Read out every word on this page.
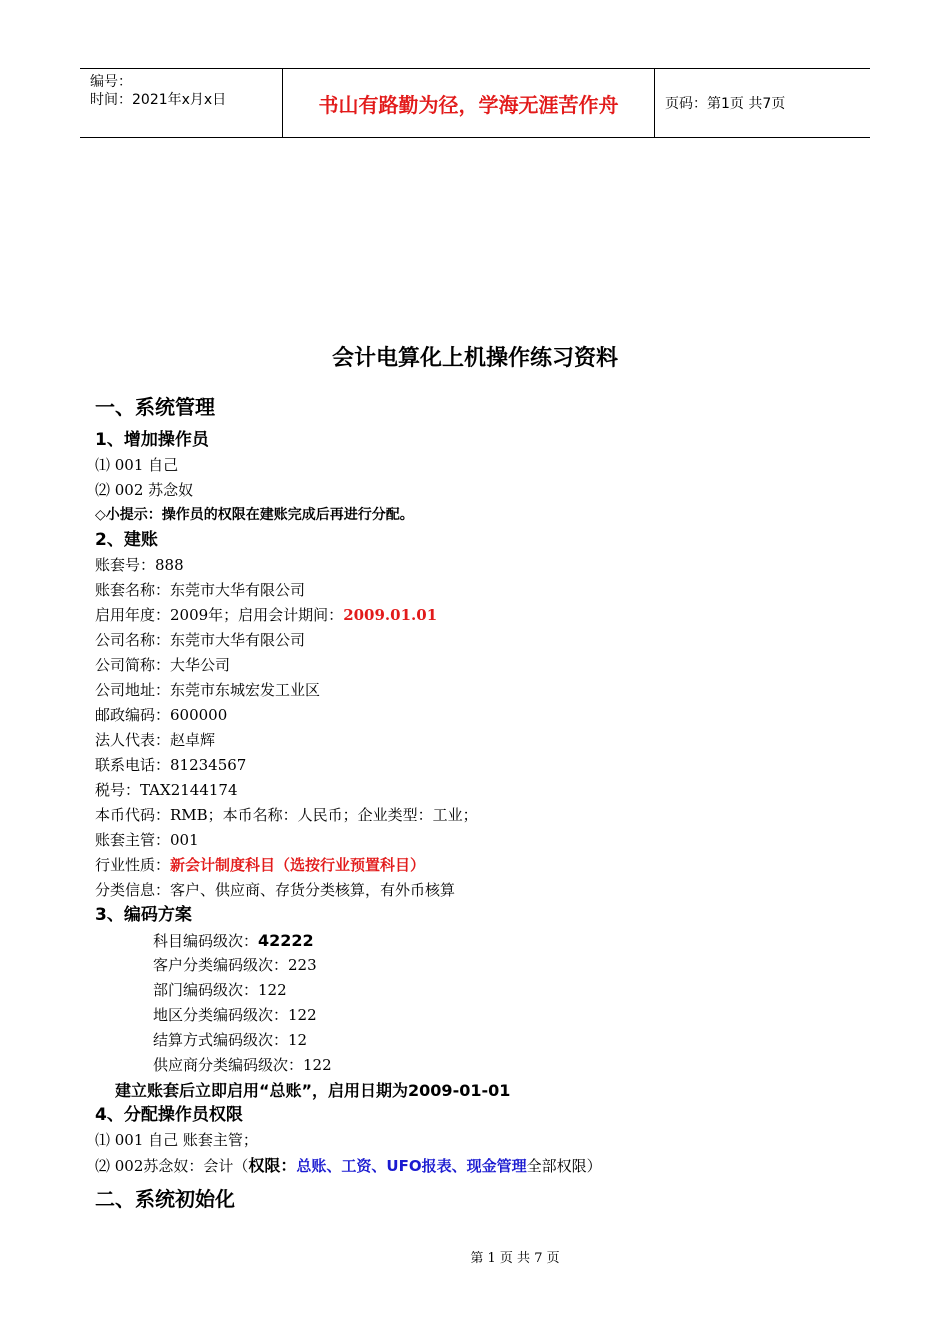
编号：
时间：2021年x月x日	书山有路勤为径，学海无涯苦作舟	页码：第1页 共7页
会计电算化上机操作练习资料
一、系统管理
1、增加操作员
⑴ 001 自己
⑵ 002 苏念奴
◇小提示：操作员的权限在建账完成后再进行分配。
2、建账
账套号：888
账套名称：东莞市大华有限公司
启用年度：2009年；启用会计期间：2009.01.01
公司名称：东莞市大华有限公司
公司简称：大华公司
公司地址：东莞市东城宏发工业区
邮政编码：600000
法人代表：赵卓辉
联系电话：81234567
税号：TAX2144174
本币代码：RMB；本币名称：人民币；企业类型：工业；
账套主管：001
行业性质：新会计制度科目（选按行业预置科目）
分类信息：客户、供应商、存货分类核算，有外币核算
3、编码方案
科目编码级次：42222
客户分类编码级次：223
部门编码级次：122
地区分类编码级次：122
结算方式编码级次：12
供应商分类编码级次：122
建立账套后立即启用“总账”，启用日期为2009-01-01
4、分配操作员权限
⑴ 001 自己 账套主管；
⑵ 002苏念奴：会计（权限：总账、工资、UFO报表、现金管理全部权限）
二、系统初始化
第 1 页 共 7 页
